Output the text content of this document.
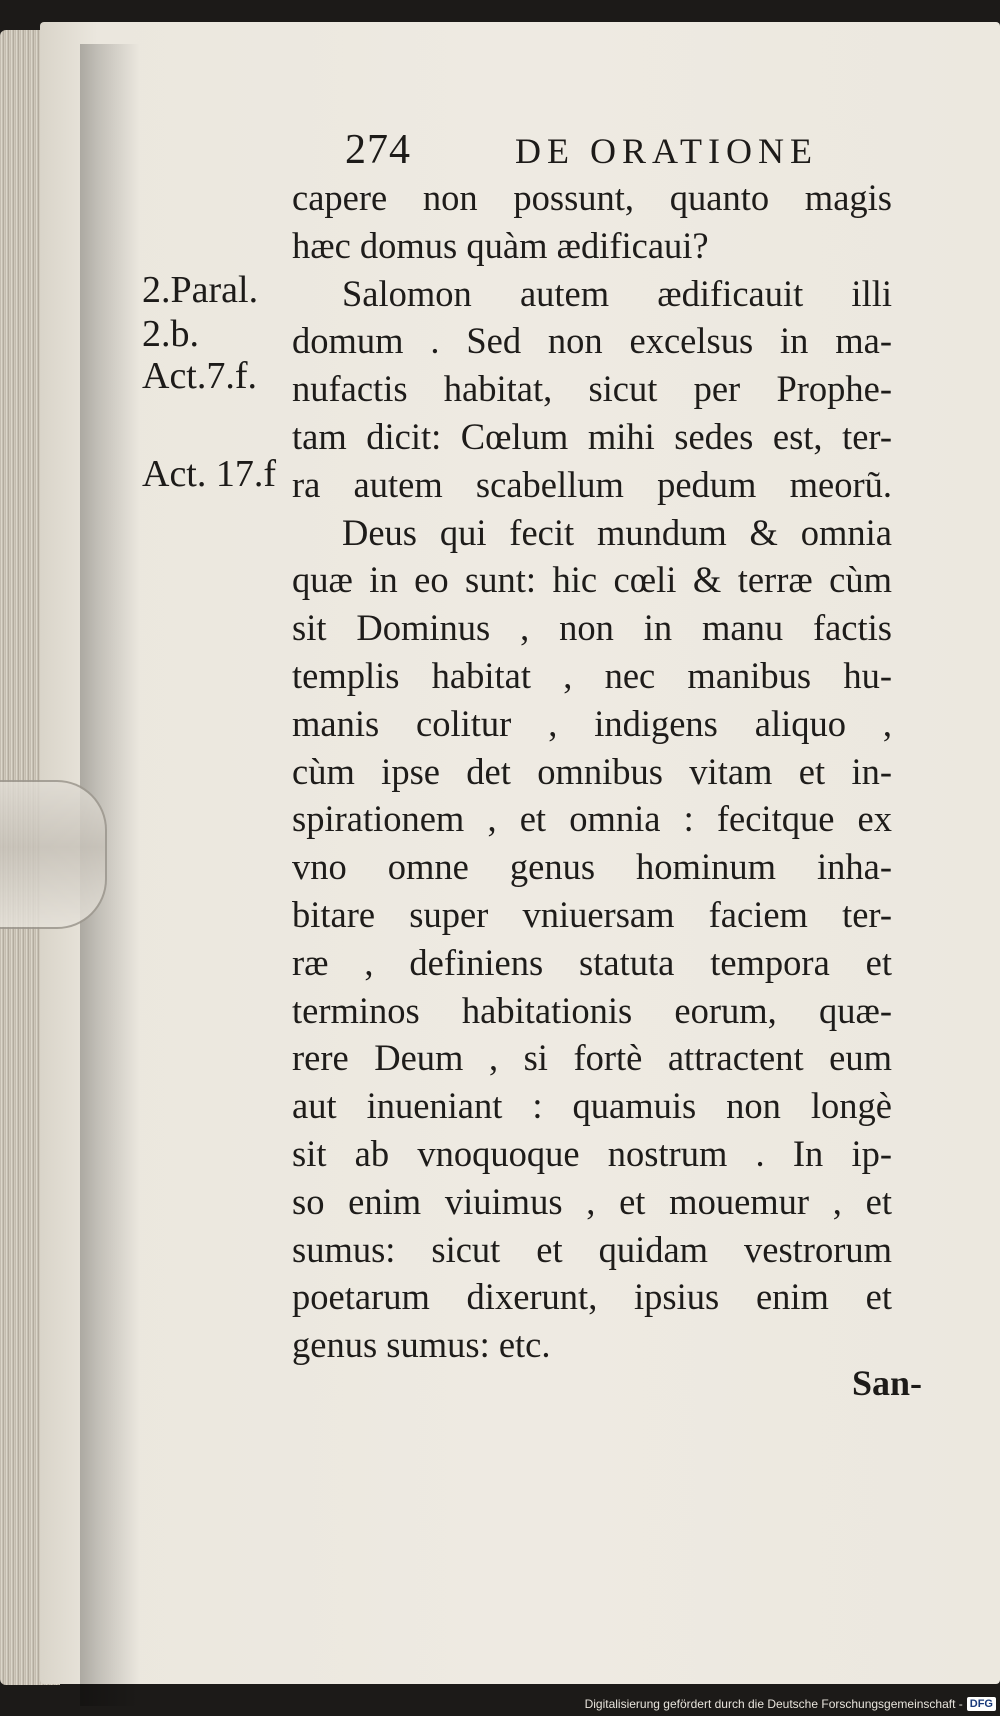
274	DE ORATIONE
2.Paral.
2.b.
Act.7.f.
Act. 17.f
capere non possunt, quanto magis
hæc domus quàm ædificaui?
Salomon autem ædificauit illi
domum . Sed non excelsus in ma-
nufactis habitat, sicut per Prophe-
tam dicit: Cœlum mihi sedes est, ter-
ra autem scabellum pedum meorũ.
Deus qui fecit mundum & omnia
quæ in eo sunt: hic cœli & terræ cùm
sit Dominus , non in manu factis
templis habitat , nec manibus hu-
manis colitur , indigens aliquo ,
cùm ipse det omnibus vitam et in-
spirationem , et omnia : fecitque ex
vno omne genus hominum inha-
bitare super vniuersam faciem ter-
ræ , definiens statuta tempora et
terminos habitationis eorum, quæ-
rere Deum , si fortè attractent eum
aut inueniant : quamuis non longè
sit ab vnoquoque nostrum . In ip-
so enim viuimus , et mouemur , et
sumus: sicut et quidam vestrorum
poetarum dixerunt, ipsius enim et
genus sumus: etc.
San-
Digitalisierung gefördert durch die Deutsche Forschungsgemeinschaft - DFG
